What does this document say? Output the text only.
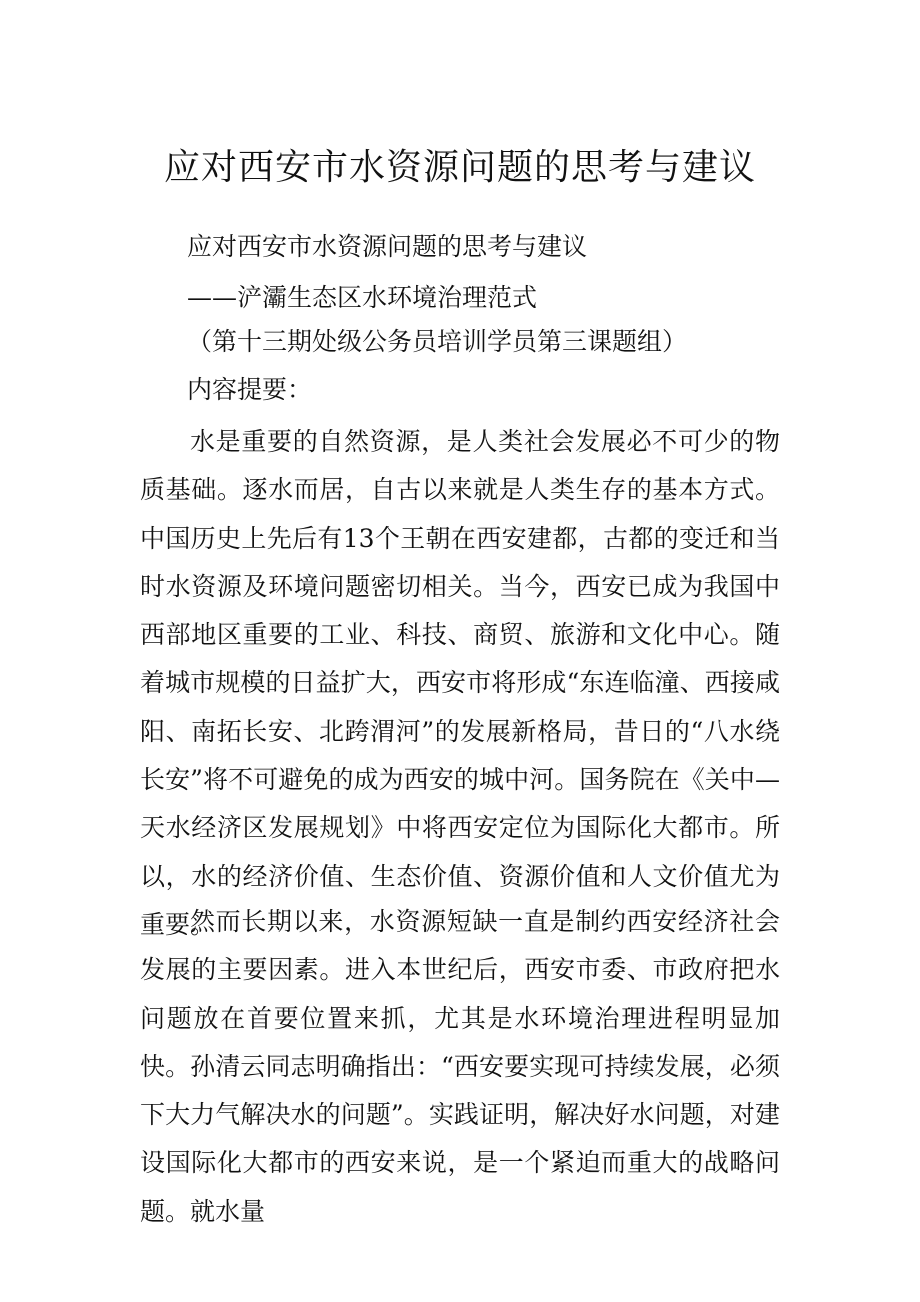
应对西安市水资源问题的思考与建议
应对西安市水资源问题的思考与建议
——浐灞生态区水环境治理范式
（第十三期处级公务员培训学员第三课题组）
内容提要：

水是重要的自然资源，是人类社会发展必不可少的物质基础。逐水而居，自古以来就是人类生存的基本方式。中国历史上先后有13个王朝在西安建都，古都的变迁和当时水资源及环境问题密切相关。当今，西安已成为我国中西部地区重要的工业、科技、商贸、旅游和文化中心。随着城市规模的日益扩大，西安市将形成“东连临潼、西接咸阳、南拓长安、北跨渭河”的发展新格局，昔日的“八水绕长安”将不可避免的成为西安的城中河。国务院在《关中—天水经济区发展规划》中将西安定位为国际化大都市。所以，水的经济价值、生态价值、资源价值和人文价值尤为重要。

然而长期以来，水资源短缺一直是制约西安经济社会发展的主要因素。进入本世纪后，西安市委、市政府把水问题放在首要位置来抓，尤其是水环境治理进程明显加快。孙清云同志明确指出：“西安要实现可持续发展，必须下大力气解决水的问题”。实践证明，解决好水问题，对建设国际化大都市的西安来说，是一个紧迫而重大的战略问题。就水量
